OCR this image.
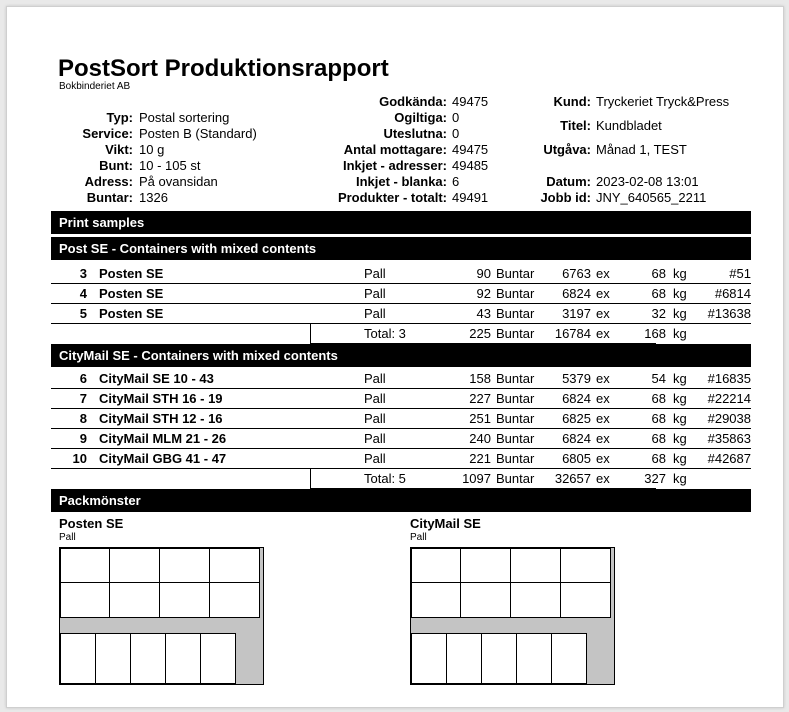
PostSort Produktionsrapport
Bokbinderiet AB
Typ: Postal sortering
Service: Posten B (Standard)
Vikt: 10 g
Bunt: 10 - 105 st
Adress: På ovansidan
Buntar: 1326
Godkända: 49475
Ogiltiga: 0
Uteslutna: 0
Antal mottagare: 49475
Inkjet - adresser: 49485
Inkjet - blanka: 6
Produkter - totalt: 49491
Kund: Tryckeriet Tryck&Press
Titel: Kundbladet
Utgåva: Månad 1, TEST
Datum: 2023-02-08 13:01
Jobb id: JNY_640565_2211
Print samples
Post SE - Containers with mixed contents
3 Posten SE	Pall	90 Buntar	6763 ex	68 kg	#51
4 Posten SE	Pall	92 Buntar	6824 ex	68 kg	#6814
5 Posten SE	Pall	43 Buntar	3197 ex	32 kg	#13638
Total: 3	225 Buntar	16784 ex	168 kg
CityMail SE - Containers with mixed contents
6 CityMail SE 10 - 43	Pall	158 Buntar	5379 ex	54 kg	#16835
7 CityMail STH 16 - 19	Pall	227 Buntar	6824 ex	68 kg	#22214
8 CityMail STH 12 - 16	Pall	251 Buntar	6825 ex	68 kg	#29038
9 CityMail MLM 21 - 26	Pall	240 Buntar	6824 ex	68 kg	#35863
10 CityMail GBG 41 - 47	Pall	221 Buntar	6805 ex	68 kg	#42687
Total: 5	1097 Buntar	32657 ex	327 kg
Packmönster
Posten SE
Pall
CityMail SE
Pall
